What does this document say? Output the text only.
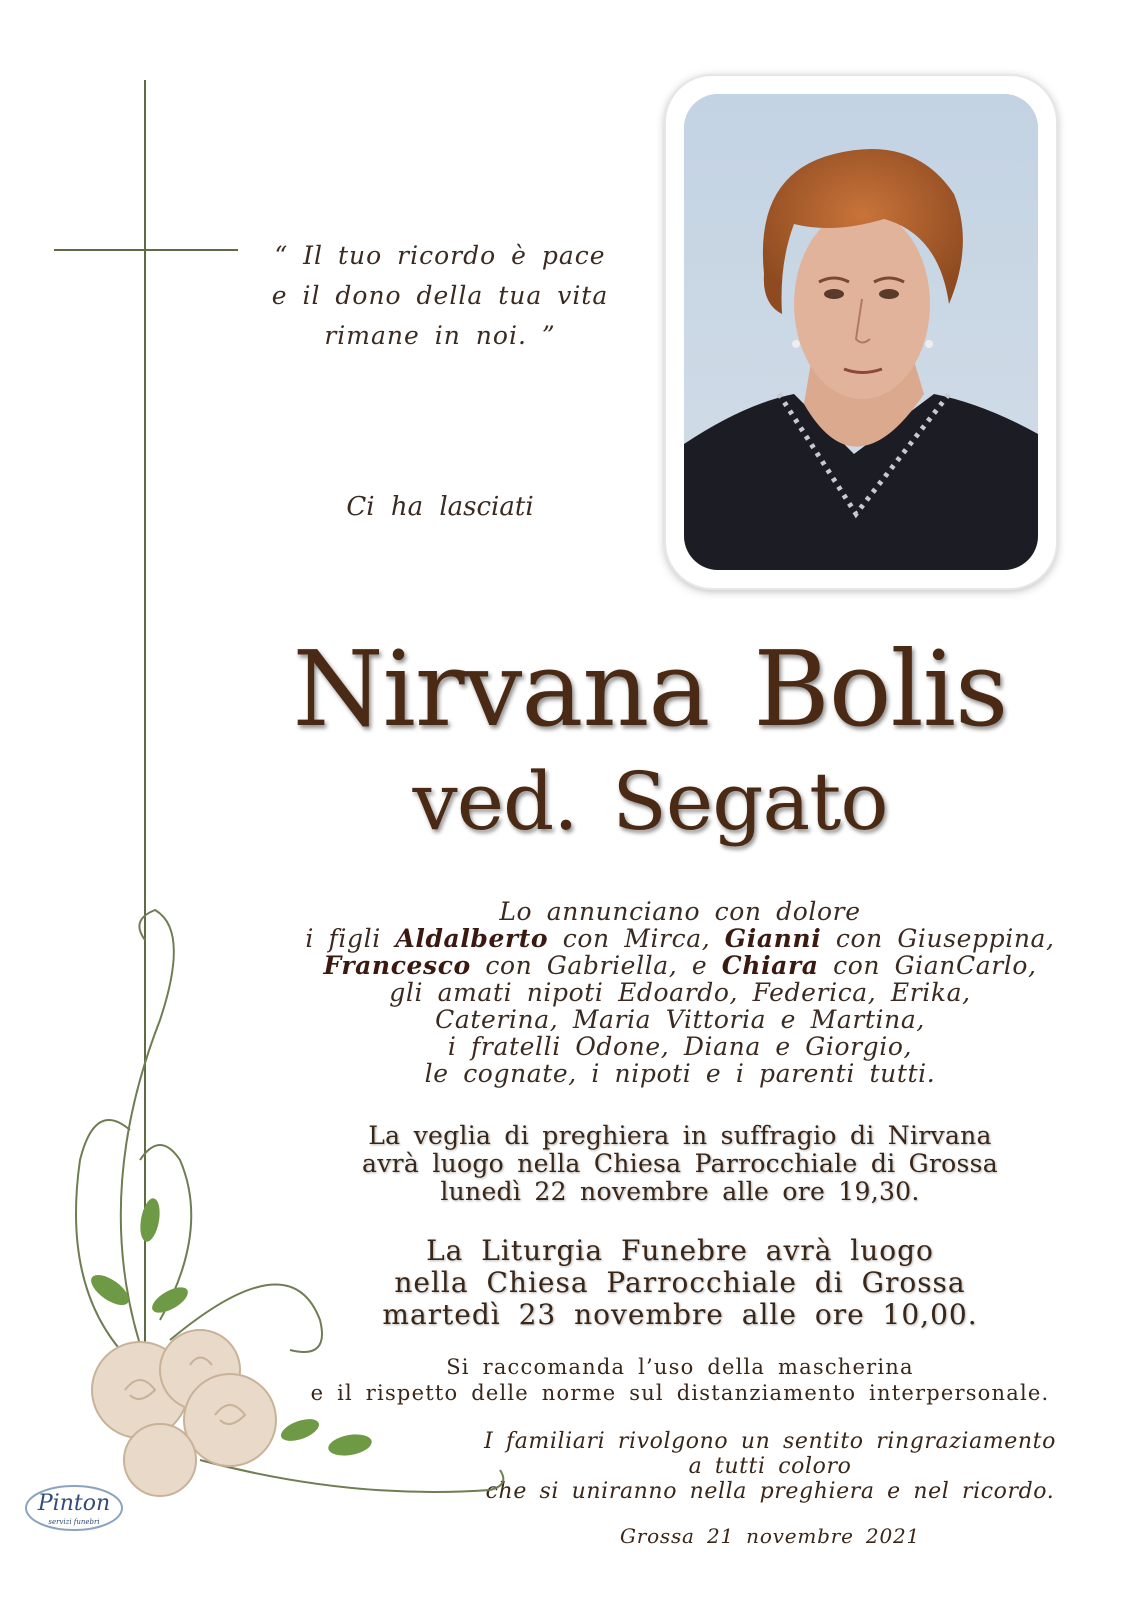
“ Il tuo ricordo è pace
e il dono della tua vita
rimane in noi. ”
Ci ha lasciati
Nirvana Bolis
ved. Segato
Lo annunciano con dolore
i figli Aldalberto con Mirca, Gianni con Giuseppina,
Francesco con Gabriella, e Chiara con GianCarlo,
gli amati nipoti Edoardo, Federica, Erika,
Caterina, Maria Vittoria e Martina,
i fratelli Odone, Diana e Giorgio,
le cognate, i nipoti e i parenti tutti.
La veglia di preghiera in suffragio di Nirvana
avrà luogo nella Chiesa Parrocchiale di Grossa
lunedì 22 novembre alle ore 19,30.
La Liturgia Funebre avrà luogo
nella Chiesa Parrocchiale di Grossa
martedì 23 novembre alle ore 10,00.
Si raccomanda l’uso della mascherina
e il rispetto delle norme sul distanziamento interpersonale.
I familiari rivolgono un sentito ringraziamento
a tutti coloro
che si uniranno nella preghiera e nel ricordo.
Grossa 21 novembre 2021
Pinton
servizi funebri
